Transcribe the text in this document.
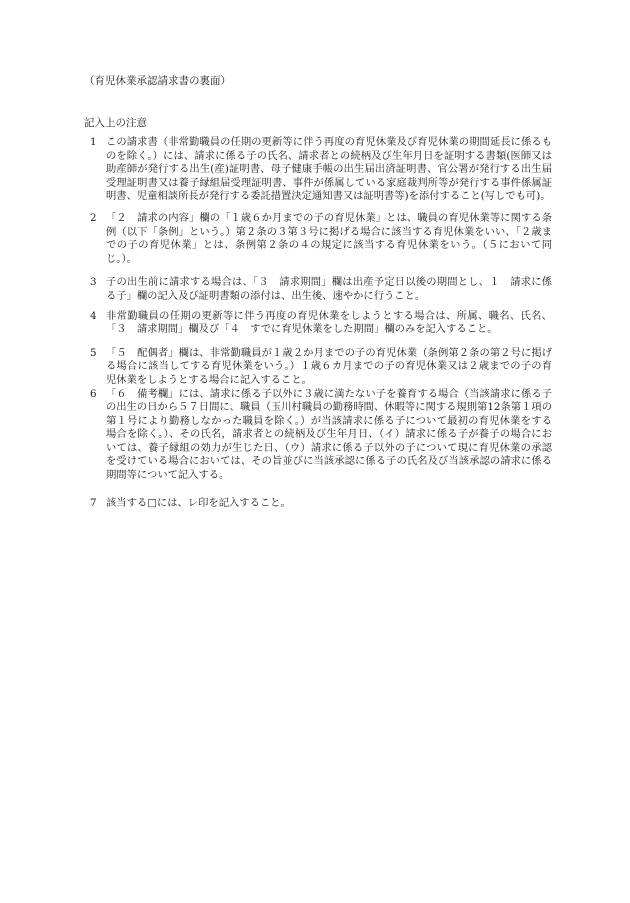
（育児休業承認請求書の裏面）
記入上の注意
1 この請求書（非常勤職員の任期の更新等に伴う再度の育児休業及び育児休業の期間延長に係るものを除く。）には、請求に係る子の氏名、請求者との続柄及び生年月日を証明する書類(医師又は助産師が発行する出生(産)証明書、母子健康手帳の出生届出済証明書、官公署が発行する出生届受理証明書又は養子縁組届受理証明書、事件が係属している家庭裁判所等が発行する事件係属証明書、児童相談所長が発行する委託措置決定通知書又は証明書等)を添付すること(写しでも可)。
2 「２　請求の内容」欄の「１歳６か月までの子の育児休業」とは、職員の育児休業等に関する条例（以下「条例」という。）第２条の３第３号に掲げる場合に該当する育児休業をいい、「２歳までの子の育児休業」とは、条例第２条の４の規定に該当する育児休業をいう。（５において同じ。）。
3 子の出生前に請求する場合は、「３　請求期間」欄は出産予定日以後の期間とし、１　請求に係る子」欄の記入及び証明書類の添付は、出生後、速やかに行うこと。
4 非常勤職員の任期の更新等に伴う再度の育児休業をしようとする場合は、所属、職名、氏名、「３　請求期間」欄及び「４　すでに育児休業をした期間」欄のみを記入すること。
5 「５　配偶者」欄は、非常勤職員が１歳２か月までの子の育児休業（条例第２条の第２号に掲げる場合に該当してする育児休業をいう。）１歳６カ月までの子の育児休業又は２歳までの子の育児休業をしようとする場合に記入すること。
6 「６　備考欄」には、請求に係る子以外に３歳に満たない子を養育する場合（当該請求に係る子の出生の日から５７日間に、職員（玉川村職員の勤務時間、休暇等に関する規則第12条第１項の第１号により勤務しなかった職員を除く。）が当該請求に係る子について最初の育児休業をする場合を除く。）、その氏名，請求者との続柄及び生年月日、（イ）請求に係る子が養子の場合においては、養子縁組の効力が生じた日、（ウ）請求に係る子以外の子について現に育児休業の承認を受けている場合においては、その旨並びに当該承認に係る子の氏名及び当該承認の請求に係る期間等について記入する。
7 該当する□には、レ印を記入すること。
